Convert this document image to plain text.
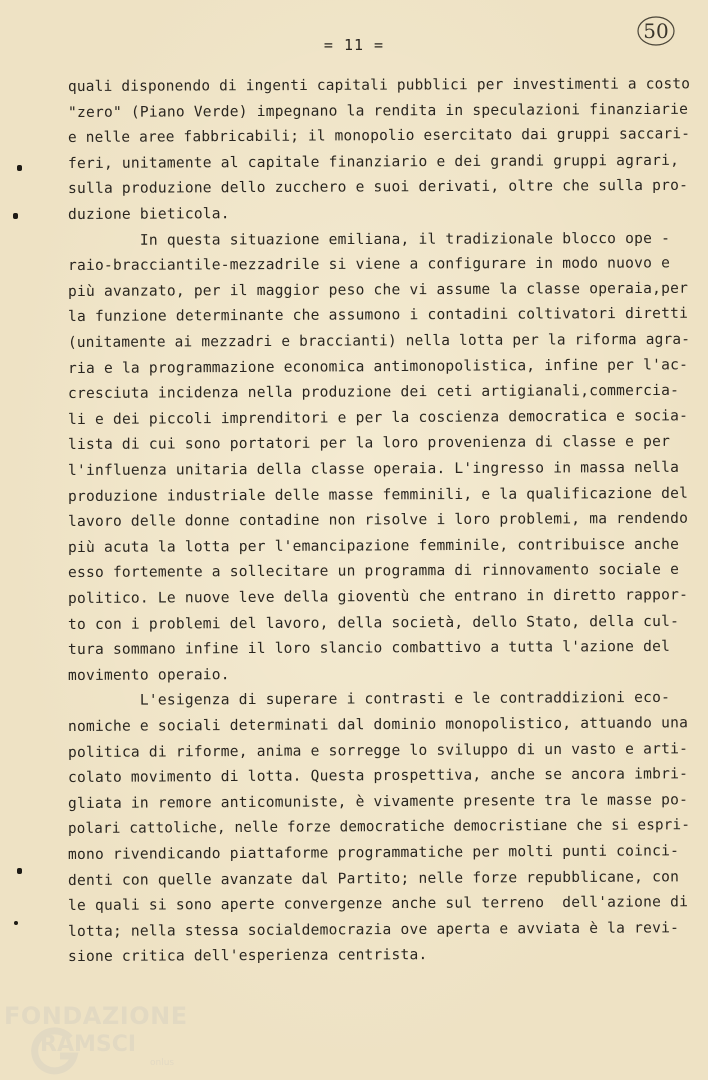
= 11 =
50
quali disponendo di ingenti capitali pubblici per investimenti a costo
"zero" (Piano Verde) impegnano la rendita in speculazioni finanziarie
e nelle aree fabbricabili; il monopolio esercitato dai gruppi saccari-
feri, unitamente al capitale finanziario e dei grandi gruppi agrari,
sulla produzione dello zucchero e suoi derivati, oltre che sulla pro-
duzione bieticola.
In questa situazione emiliana, il tradizionale blocco ope -
raio-bracciantile-mezzadrile si viene a configurare in modo nuovo e
più avanzato, per il maggior peso che vi assume la classe operaia,per
la funzione determinante che assumono i contadini coltivatori diretti
(unitamente ai mezzadri e braccianti) nella lotta per la riforma agra-
ria e la programmazione economica antimonopolistica, infine per l'ac-
cresciuta incidenza nella produzione dei ceti artigianali,commercia-
li e dei piccoli imprenditori e per la coscienza democratica e socia-
lista di cui sono portatori per la loro provenienza di classe e per
l'influenza unitaria della classe operaia. L'ingresso in massa nella
produzione industriale delle masse femminili, e la qualificazione del
lavoro delle donne contadine non risolve i loro problemi, ma rendendo
più acuta la lotta per l'emancipazione femminile, contribuisce anche
esso fortemente a sollecitare un programma di rinnovamento sociale e
politico. Le nuove leve della gioventù che entrano in diretto rappor-
to con i problemi del lavoro, della società, dello Stato, della cul-
tura sommano infine il loro slancio combattivo a tutta l'azione del
movimento operaio.
L'esigenza di superare i contrasti e le contraddizioni eco-
nomiche e sociali determinati dal dominio monopolistico, attuando una
politica di riforme, anima e sorregge lo sviluppo di un vasto e arti-
colato movimento di lotta. Questa prospettiva, anche se ancora imbri-
gliata in remore anticomuniste, è vivamente presente tra le masse po-
polari cattoliche, nelle forze democratiche democristiane che si espri-
mono rivendicando piattaforme programmatiche per molti punti coinci-
denti con quelle avanzate dal Partito; nelle forze repubblicane, con
le quali si sono aperte convergenze anche sul terreno  dell'azione di
lotta; nella stessa socialdemocrazia ove aperta e avviata è la revi-
sione critica dell'esperienza centrista.
FONDAZIONE
RAMSCI
onlus
